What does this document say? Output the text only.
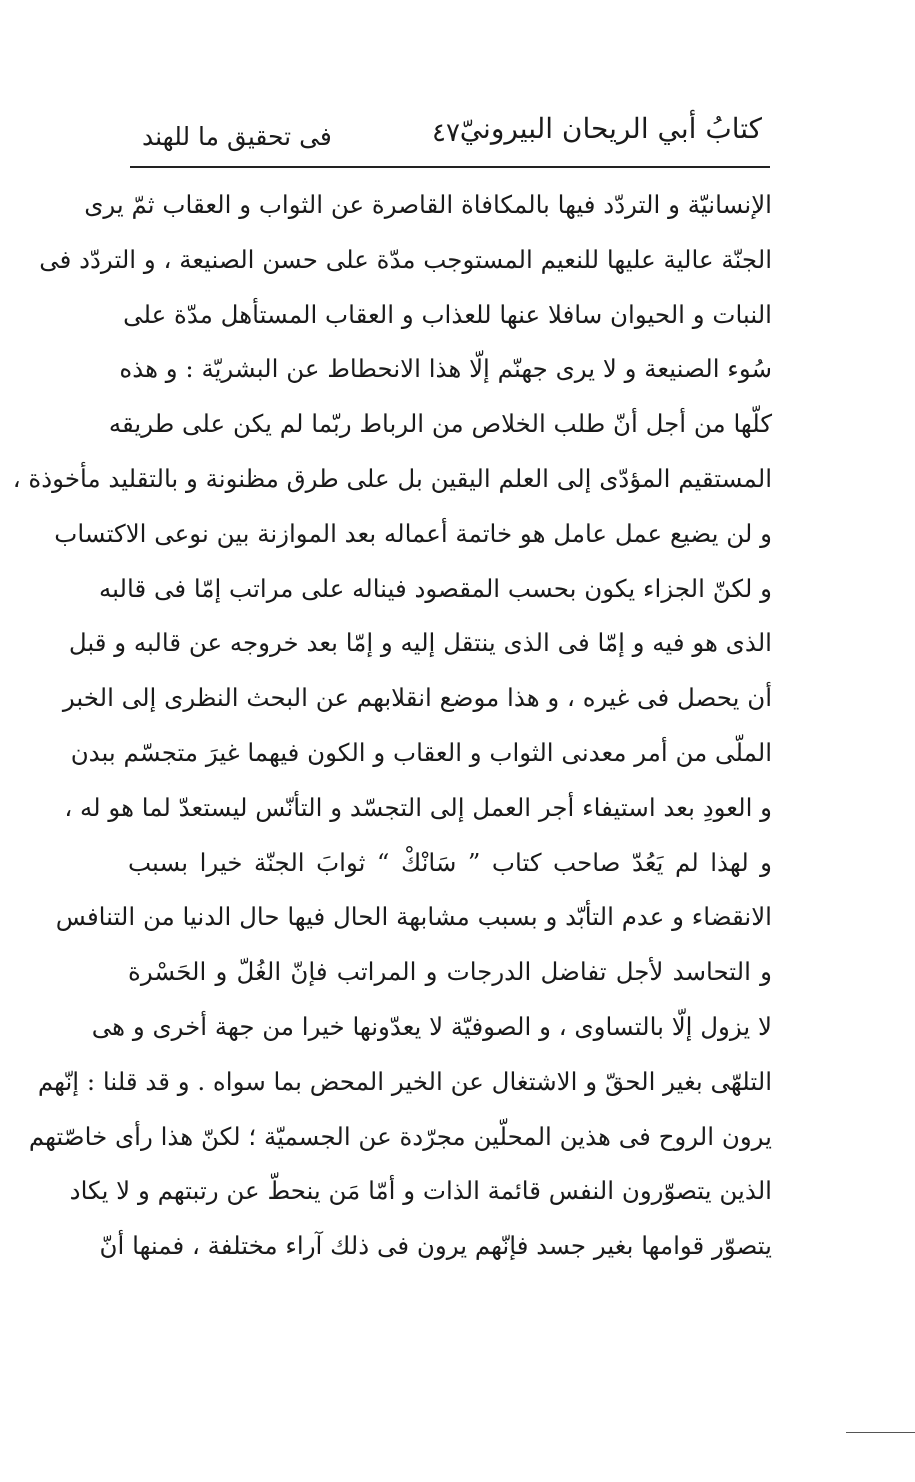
كتابُ أبي الريحان البيرونيّ
٤٧
فى تحقيق ما للهند
الإنسانيّة و التردّد فيها بالمكافاة القاصرة عن الثواب و العقاب ثمّ يرى
الجنّة عالية عليها للنعيم المستوجب مدّة على حسن الصنيعة ، و التردّد فى
النبات و الحيوان سافلا عنها للعذاب و العقاب المستأهل مدّة على
سُوء الصنيعة و لا يرى جهنّم إلّا هذا الانحطاط عن البشريّة : و هذه
كلّها من أجل أنّ طلب الخلاص من الرباط ربّما لم يكن على طريقه
المستقيم المؤدّى إلى العلم اليقين بل على طرق مظنونة و بالتقليد مأخوذة ،
و لن يضيع عمل عامل هو خاتمة أعماله بعد الموازنة بين نوعى الاكتساب
و لكنّ الجزاء يكون بحسب المقصود فيناله على مراتب إمّا فى قالبه
الذى هو فيه و إمّا فى الذى ينتقل إليه و إمّا بعد خروجه عن قالبه و قبل
أن يحصل فى غيره ، و هذا موضع انقلابهم عن البحث النظرى إلى الخبر
الملّى من أمر معدنى الثواب و العقاب و الكون فيهما غيرَ متجسّم ببدن
و العودِ بعد استيفاء أجر العمل إلى التجسّد و التأنّس ليستعدّ لما هو له ،
و لهذا لم يَعُدّ صاحب كتاب ” سَانْكْ “ ثوابَ الجنّة خيرا بسبب
الانقضاء و عدم التأبّد و بسبب مشابهة الحال فيها حال الدنيا من التنافس
و التحاسد لأجل تفاضل الدرجات و المراتب فإنّ الغُلّ و الحَسْرة
لا يزول إلّا بالتساوى ، و الصوفيّة لا يعدّونها خيرا من جهة أخرى و هى
التلهّى بغير الحقّ و الاشتغال عن الخير المحض بما سواه . و قد قلنا : إنّهم
يرون الروح فى هذين المحلّين مجرّدة عن الجسميّة ؛ لكنّ هذا رأى خاصّتهم
الذين يتصوّرون النفس قائمة الذات و أمّا مَن ينحطّ عن رتبتهم و لا يكاد
يتصوّر قوامها بغير جسد فإنّهم يرون فى ذلك آراء مختلفة ، فمنها أنّ
